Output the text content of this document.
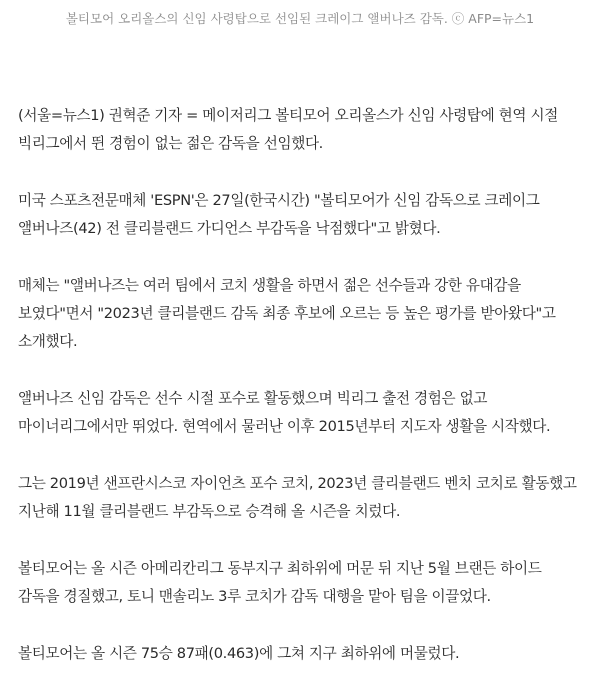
볼티모어 오리올스의 신임 사령탑으로 선임된 크레이그 앨버나즈 감독. ⓒ AFP=뉴스1

(서울=뉴스1) 권혁준 기자 = 메이저리그 볼티모어 오리올스가 신임 사령탑에 현역 시절 빅리그에서 뛴 경험이 없는 젊은 감독을 선임했다.

미국 스포츠전문매체 'ESPN'은 27일(한국시간) "볼티모어가 신임 감독으로 크레이그 앨버나즈(42) 전 클리블랜드 가디언스 부감독을 낙점했다"고 밝혔다.

매체는 "앨버나즈는 여러 팀에서 코치 생활을 하면서 젊은 선수들과 강한 유대감을 보였다"면서 "2023년 클리블랜드 감독 최종 후보에 오르는 등 높은 평가를 받아왔다"고 소개했다.

앨버나즈 신임 감독은 선수 시절 포수로 활동했으며 빅리그 출전 경험은 없고 마이너리그에서만 뛰었다. 현역에서 물러난 이후 2015년부터 지도자 생활을 시작했다.

그는 2019년 샌프란시스코 자이언츠 포수 코치, 2023년 클리블랜드 벤치 코치로 활동했고 지난해 11월 클리블랜드 부감독으로 승격해 올 시즌을 치렀다.

볼티모어는 올 시즌 아메리칸리그 동부지구 최하위에 머문 뒤 지난 5월 브랜든 하이드 감독을 경질했고, 토니 맨솔리노 3루 코치가 감독 대행을 맡아 팀을 이끌었다.

볼티모어는 올 시즌 75승 87패(0.463)에 그쳐 지구 최하위에 머물렀다.
